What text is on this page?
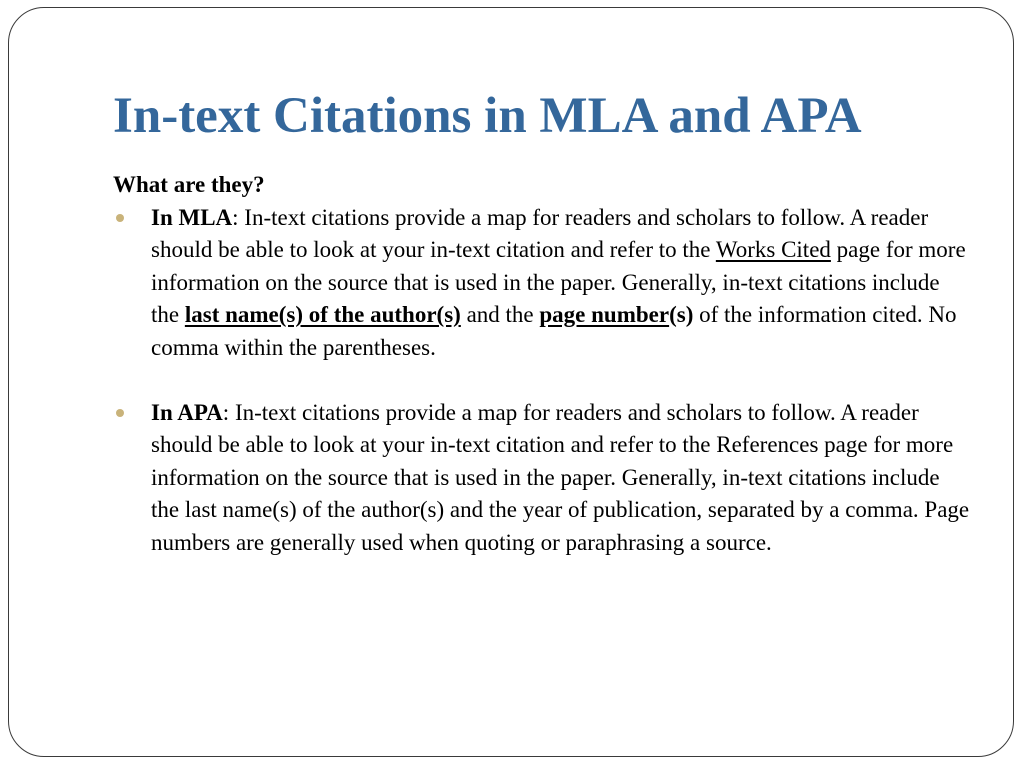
In-text Citations in MLA and APA

What are they?

In MLA: In-text citations provide a map for readers and scholars to follow. A reader should be able to look at your in-text citation and refer to the Works Cited page for more information on the source that is used in the paper. Generally, in-text citations include the last name(s) of the author(s) and the page number(s) of the information cited. No comma within the parentheses.
In APA: In-text citations provide a map for readers and scholars to follow. A reader should be able to look at your in-text citation and refer to the References page for more information on the source that is used in the paper. Generally, in-text citations include the last name(s) of the author(s) and the year of publication, separated by a comma. Page numbers are generally used when quoting or paraphrasing a source.
